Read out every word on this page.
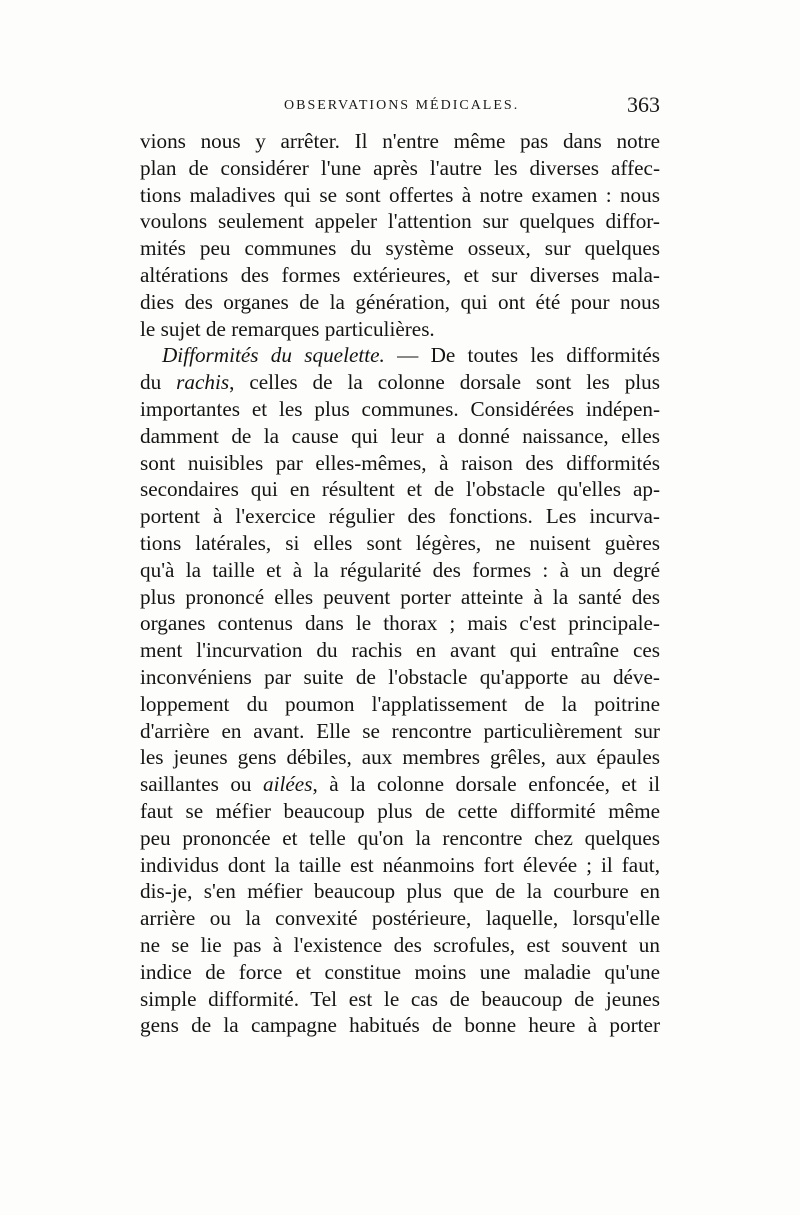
OBSERVATIONS MÉDICALES.	363
vions nous y arrêter. Il n'entre même pas dans notre
plan de considérer l'une après l'autre les diverses affec-
tions maladives qui se sont offertes à notre examen : nous
voulons seulement appeler l'attention sur quelques diffor-
mités peu communes du système osseux, sur quelques
altérations des formes extérieures, et sur diverses mala-
dies des organes de la génération, qui ont été pour nous
le sujet de remarques particulières.
Difformités du squelette. — De toutes les difformités
du rachis, celles de la colonne dorsale sont les plus
importantes et les plus communes. Considérées indépen-
damment de la cause qui leur a donné naissance, elles
sont nuisibles par elles-mêmes, à raison des difformités
secondaires qui en résultent et de l'obstacle qu'elles ap-
portent à l'exercice régulier des fonctions. Les incurva-
tions latérales, si elles sont légères, ne nuisent guères
qu'à la taille et à la régularité des formes : à un degré
plus prononcé elles peuvent porter atteinte à la santé des
organes contenus dans le thorax ; mais c'est principale-
ment l'incurvation du rachis en avant qui entraîne ces
inconvéniens par suite de l'obstacle qu'apporte au déve-
loppement du poumon l'applatissement de la poitrine
d'arrière en avant. Elle se rencontre particulièrement sur
les jeunes gens débiles, aux membres grêles, aux épaules
saillantes ou ailées, à la colonne dorsale enfoncée, et il
faut se méfier beaucoup plus de cette difformité même
peu prononcée et telle qu'on la rencontre chez quelques
individus dont la taille est néanmoins fort élevée ; il faut,
dis-je, s'en méfier beaucoup plus que de la courbure en
arrière ou la convexité postérieure, laquelle, lorsqu'elle
ne se lie pas à l'existence des scrofules, est souvent un
indice de force et constitue moins une maladie qu'une
simple difformité. Tel est le cas de beaucoup de jeunes
gens de la campagne habitués de bonne heure à porter
